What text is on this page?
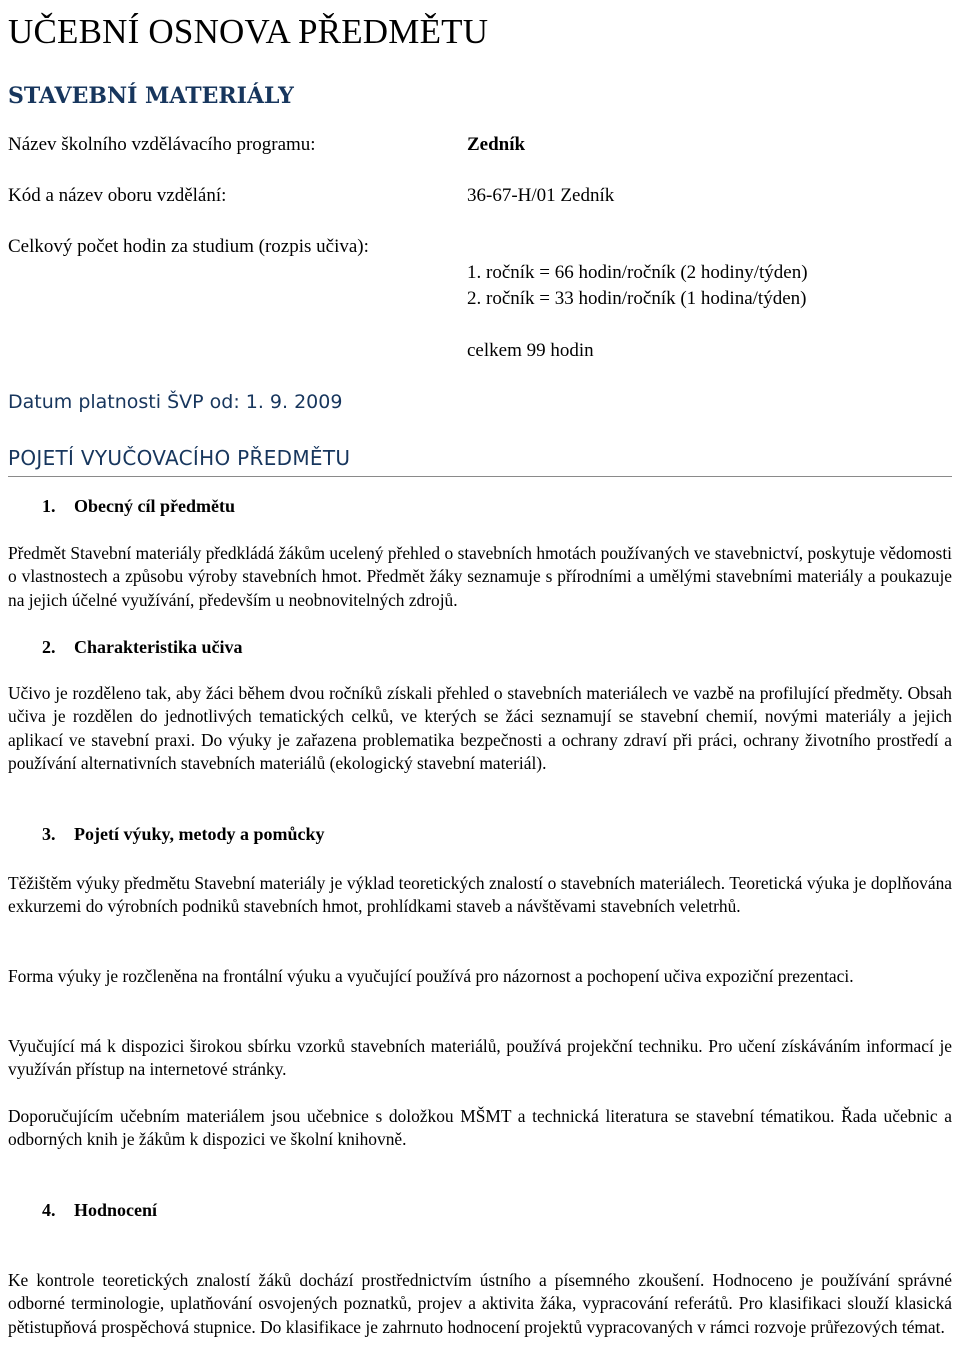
UČEBNÍ OSNOVA PŘEDMĚTU
STAVEBNÍ MATERIÁLY
Název školního vzdělávacího programu:	Zedník
Kód a název oboru vzdělání:	36-67-H/01 Zedník
Celkový počet hodin za studium (rozpis učiva):
1. ročník = 66 hodin/ročník (2 hodiny/týden)
2. ročník = 33 hodin/ročník (1 hodina/týden)
celkem 99 hodin
Datum platnosti ŠVP od: 1. 9. 2009
POJETÍ VYUČOVACÍHO PŘEDMĚTU
1. Obecný cíl předmětu

Předmět Stavební materiály předkládá žákům ucelený přehled o stavebních hmotách používaných ve stavebnictví, poskytuje vědomosti o vlastnostech a způsobu výroby stavebních hmot. Předmět žáky seznamuje s přírodními a umělými stavebními materiály a poukazuje na jejich účelné využívání, především u neobnovitelných zdrojů.

2. Charakteristika učiva

Učivo je rozděleno tak, aby žáci během dvou ročníků získali přehled o stavebních materiálech ve vazbě na profilující předměty. Obsah učiva je rozdělen do jednotlivých tematických celků, ve kterých se žáci seznamují se stavební chemií, novými materiály a jejich aplikací ve stavební praxi. Do výuky je zařazena problematika bezpečnosti a ochrany zdraví při práci, ochrany životního prostředí a používání alternativních stavebních materiálů (ekologický stavební materiál).

3. Pojetí výuky, metody a pomůcky

Těžištěm výuky předmětu Stavební materiály je výklad teoretických znalostí o stavebních materiálech. Teoretická výuka je doplňována exkurzemi do výrobních podniků stavebních hmot, prohlídkami staveb a návštěvami stavebních veletrhů.

Forma výuky je rozčleněna na frontální výuku a vyučující používá pro názornost a pochopení učiva expoziční prezentaci.

Vyučující má k dispozici širokou sbírku vzorků stavebních materiálů, používá projekční techniku. Pro učení získáváním informací je využíván přístup na internetové stránky.

Doporučujícím učebním materiálem jsou učebnice s doložkou MŠMT a technická literatura se stavební tématikou. Řada učebnic a odborných knih je žákům k dispozici ve školní knihovně.

4. Hodnocení

Ke kontrole teoretických znalostí žáků dochází prostřednictvím ústního a písemného zkoušení. Hodnoceno je používání správné odborné terminologie, uplatňování osvojených poznatků, projev a aktivita žáka, vypracování referátů. Pro klasifikaci slouží klasická pětistupňová prospěchová stupnice. Do klasifikace je zahrnuto hodnocení projektů vypracovaných v rámci rozvoje průřezových témat.
